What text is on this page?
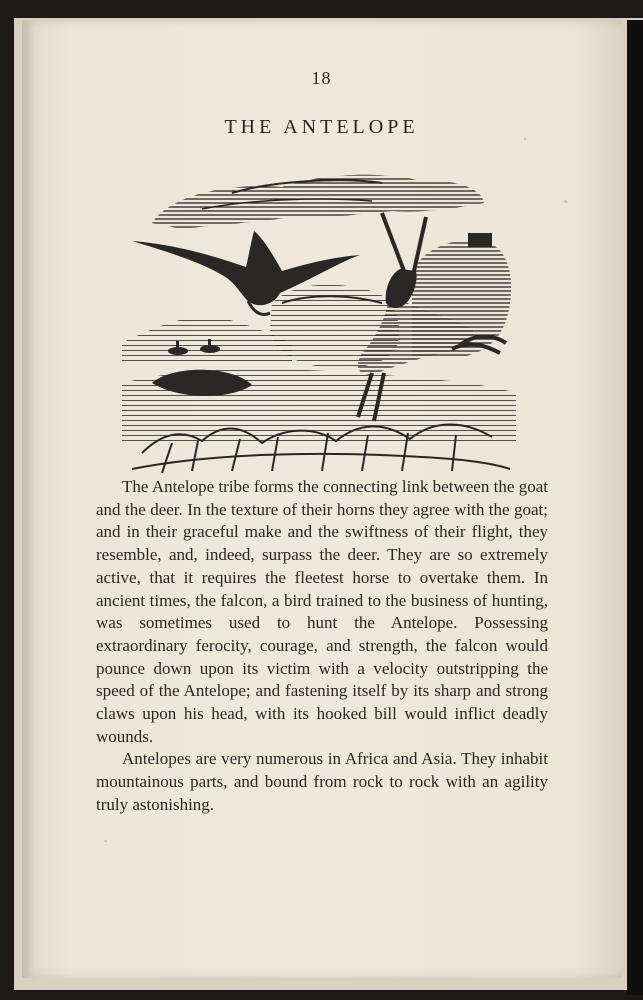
18
THE ANTELOPE

The Antelope tribe forms the connecting link between the goat and the deer. In the texture of their horns they agree with the goat; and in their graceful make and the swiftness of their flight, they resemble, and, indeed, surpass the deer. They are so extremely active, that it requires the fleetest horse to overtake them. In ancient times, the falcon, a bird trained to the business of hunting, was sometimes used to hunt the Antelope. Possessing extraordinary ferocity, courage, and strength, the falcon would pounce down upon its victim with a velocity outstripping the speed of the Antelope; and fastening itself by its sharp and strong claws upon his head, with its hooked bill would inflict deadly wounds.

Antelopes are very numerous in Africa and Asia. They inhabit mountainous parts, and bound from rock to rock with an agility truly astonishing.
